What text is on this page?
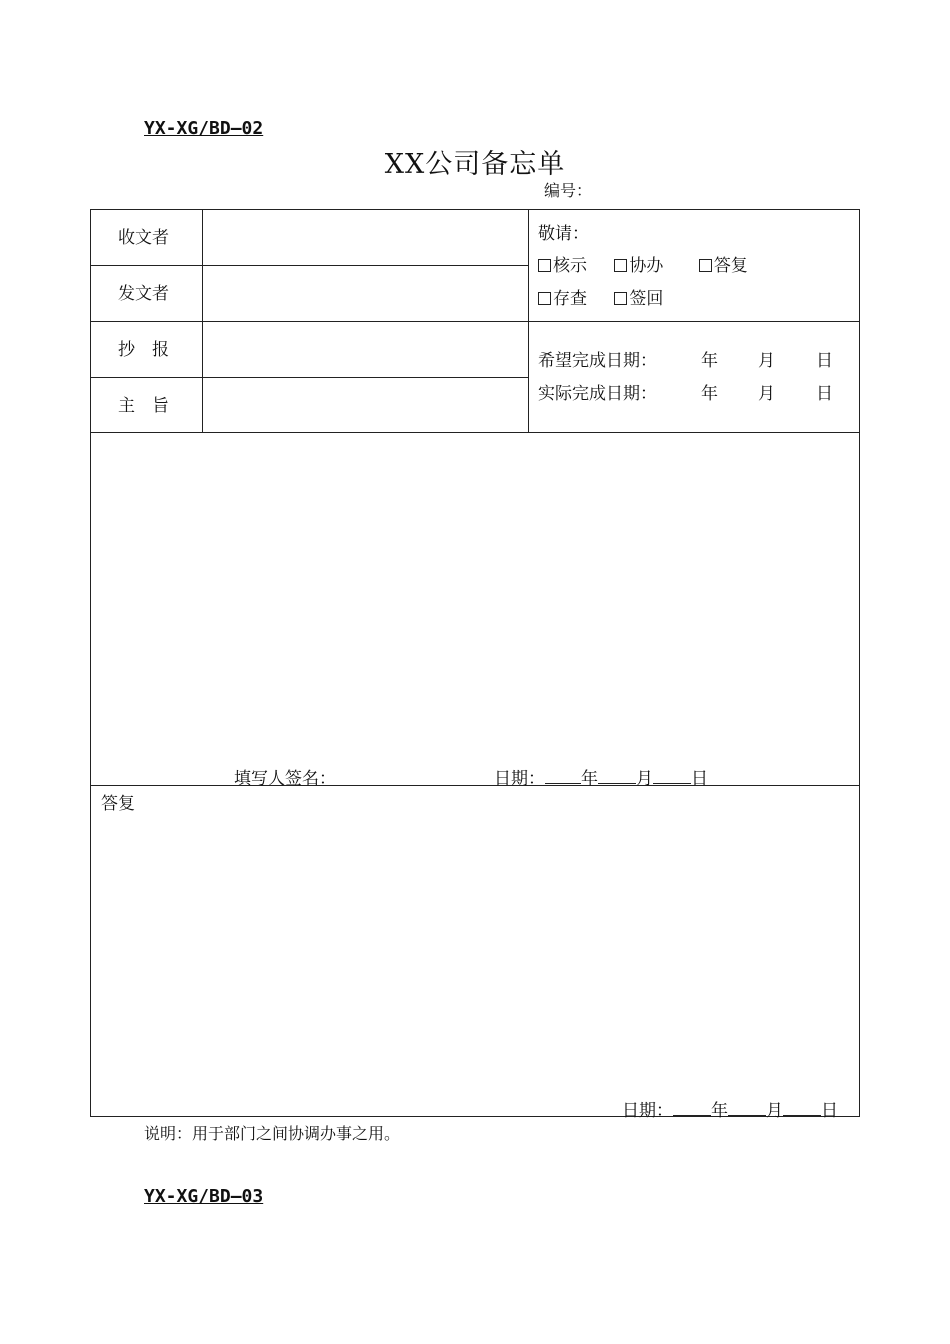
YX-XG/BD—02
XX公司备忘单
编号：
收文者
发文者
抄　报
主　旨
敬请：
核示 协办	答复
存查 签回
希望完成日期：	年 月 日
实际完成日期：	年 月 日
填写人签名：	日期： 年 月 日
答复
日期： 年 月 日
说明：用于部门之间协调办事之用。
YX-XG/BD—03
